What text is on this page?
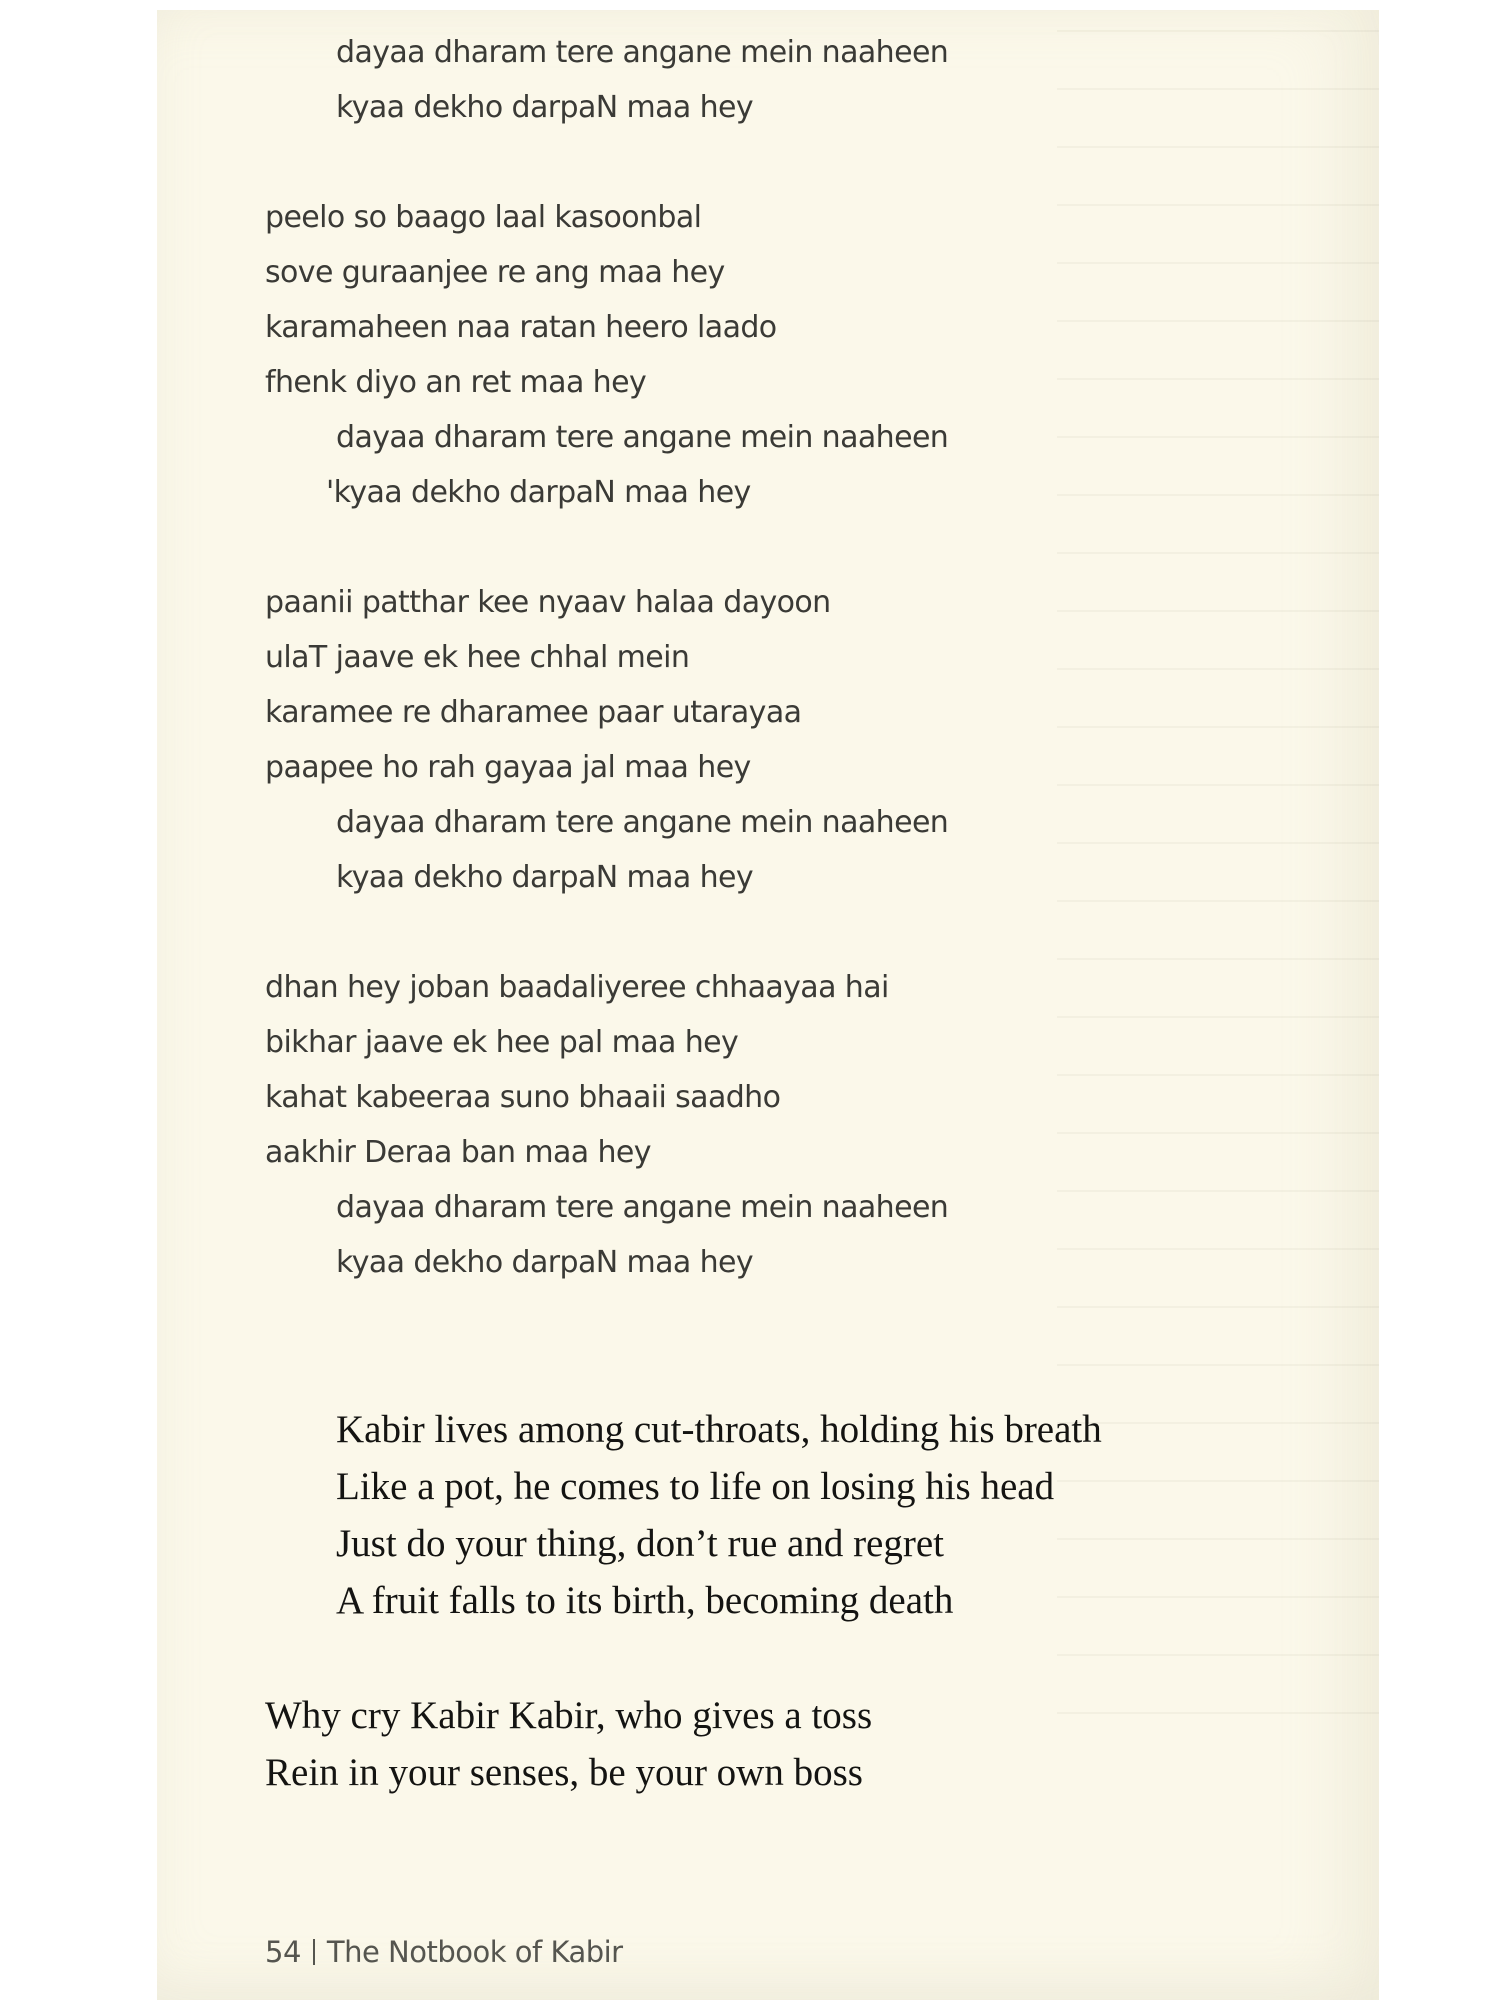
dayaa dharam tere angane mein naaheen
kyaa dekho darpaN maa hey
peelo so baago laal kasoonbal
sove guraanjee re ang maa hey
karamaheen naa ratan heero laado
fhenk diyo an ret maa hey
dayaa dharam tere angane mein naaheen
'kyaa dekho darpaN maa hey
paanii patthar kee nyaav halaa dayoon
ulaT jaave ek hee chhal mein
karamee re dharamee paar utarayaa
paapee ho rah gayaa jal maa hey
dayaa dharam tere angane mein naaheen
kyaa dekho darpaN maa hey
dhan hey joban baadaliyeree chhaayaa hai
bikhar jaave ek hee pal maa hey
kahat kabeeraa suno bhaaii saadho
aakhir Deraa ban maa hey
dayaa dharam tere angane mein naaheen
kyaa dekho darpaN maa hey
Kabir lives among cut-throats, holding his breath
Like a pot, he comes to life on losing his head
Just do your thing, don’t rue and regret
A fruit falls to its birth, becoming death
Why cry Kabir Kabir, who gives a toss
Rein in your senses, be your own boss
54 The Notbook of Kabir
